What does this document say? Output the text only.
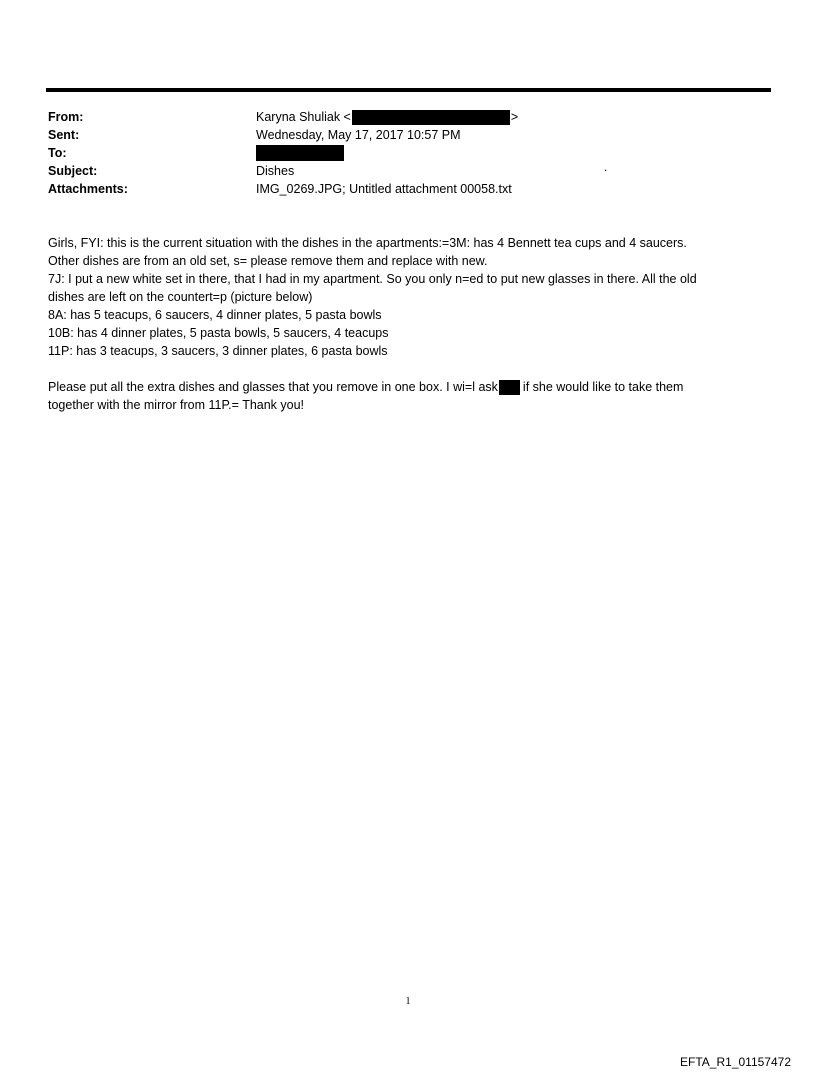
From:	Karyna Shuliak <	>
Sent:	Wednesday, May 17, 2017 10:57 PM
To:
Subject:	Dishes	.
Attachments:	IMG_0269.JPG; Untitled attachment 00058.txt

Girls, FYI: this is the current situation with the dishes in the apartments:=3M: has 4 Bennett tea cups and 4 saucers.

Other dishes are from an old set, s= please remove them and replace with new.

7J: I put a new white set in there, that I had in my apartment. So you only n=ed to put new glasses in there. All the old

dishes are left on the countert=p (picture below)

8A: has 5 teacups, 6 saucers, 4 dinner plates, 5 pasta bowls

10B: has 4 dinner plates, 5 pasta bowls, 5 saucers, 4 teacups

11P: has 3 teacups, 3 saucers, 3 dinner plates, 6 pasta bowls

Please put all the extra dishes and glasses that you remove in one box. I wi=l ask if she would like to take them

together with the mirror from 11P.= Thank you!

1
EFTA_R1_01157472
